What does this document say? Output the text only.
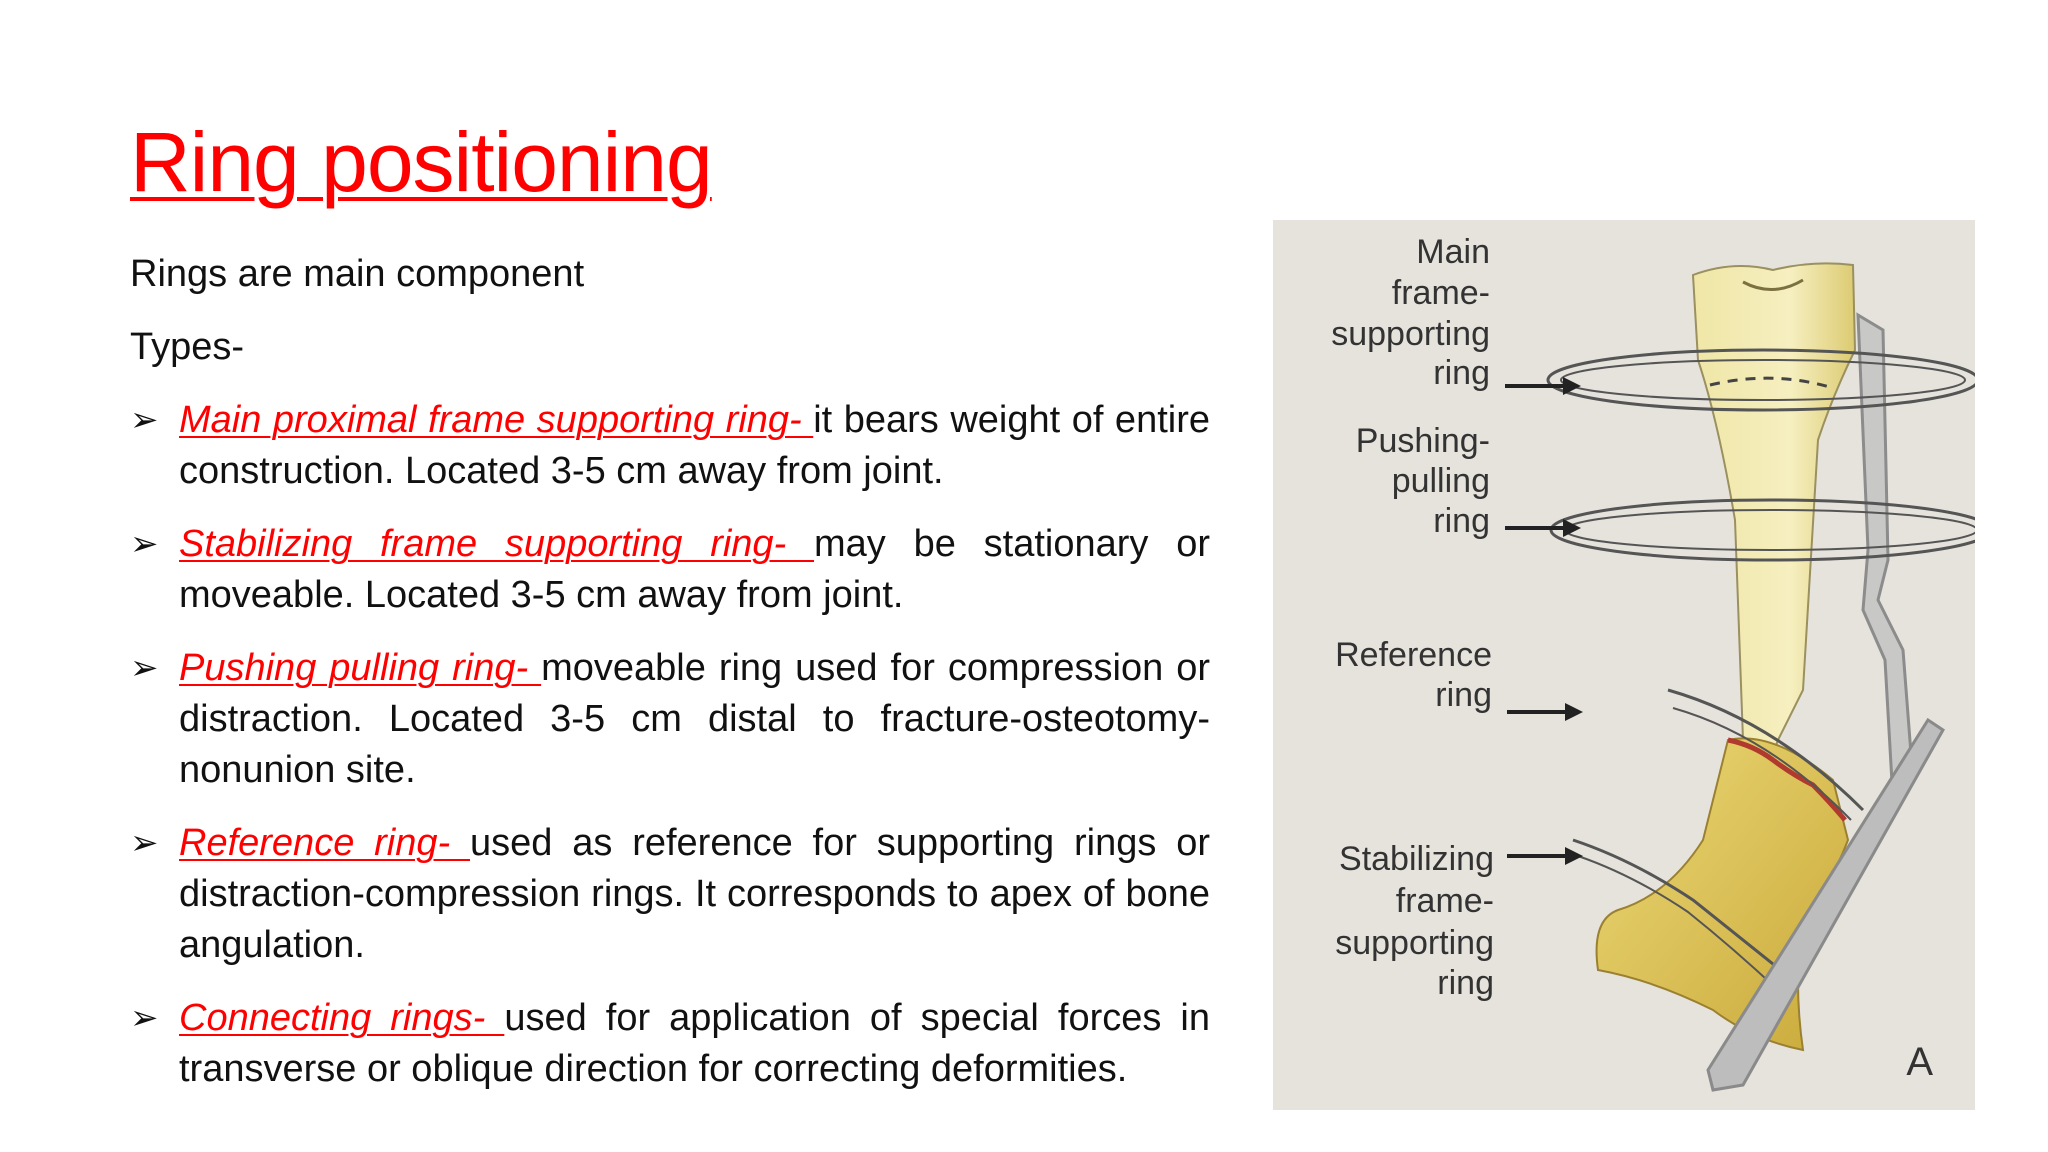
Ring positioning
Rings are main component
Types-
➢ Main proximal frame supporting ring- it bears weight of entire construction. Located 3-5 cm away from joint.
➢ Stabilizing frame supporting ring- may be stationary or moveable. Located 3-5 cm away from joint.
➢ Pushing pulling ring- moveable ring used for compression or distraction. Located 3-5 cm distal to fracture-osteotomy-nonunion site.
➢ Reference ring- used as reference for supporting rings or distraction-compression rings. It corresponds to apex of bone angulation.
➢ Connecting rings- used for application of special forces in transverse or oblique direction for correcting deformities.
Main
frame-
supporting
ring
Pushing-
pulling
ring
Reference
ring
Stabilizing
frame-
supporting
ring
A
